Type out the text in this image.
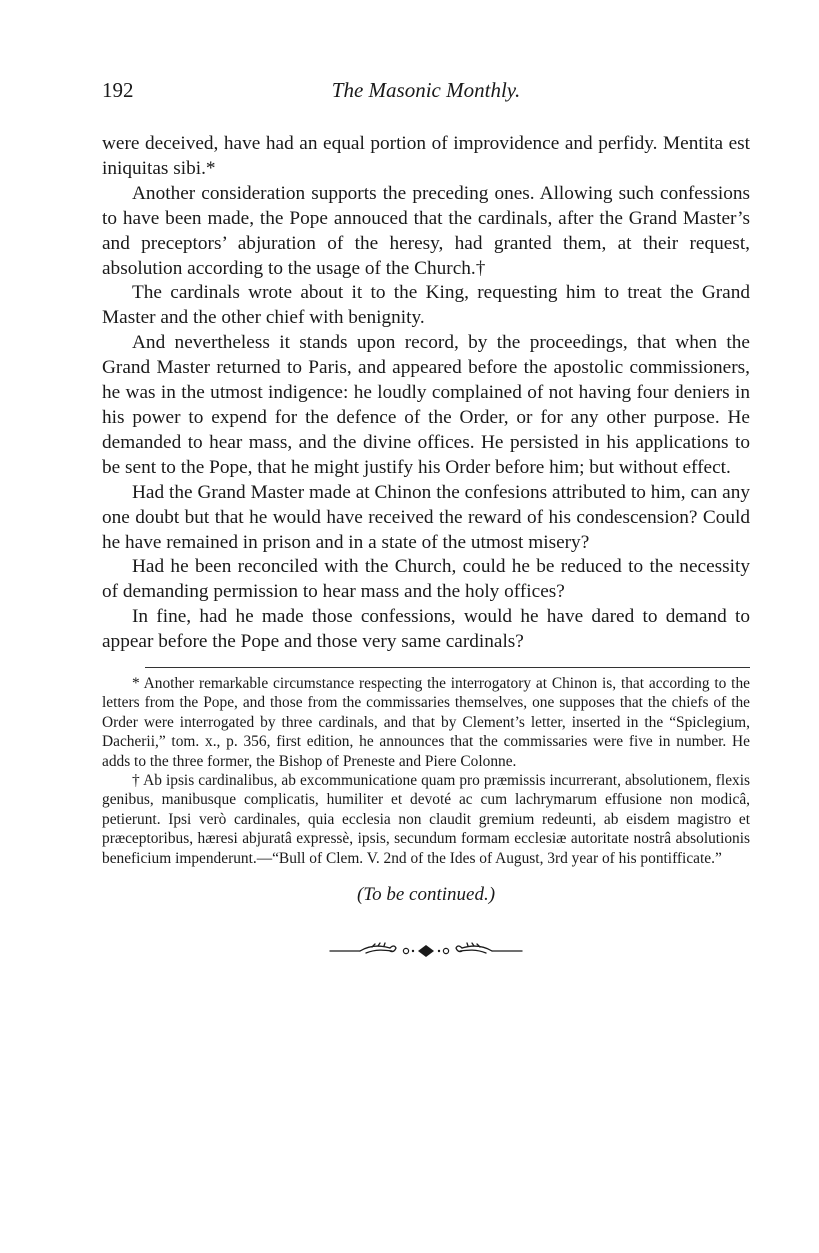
192	The Masonic Monthly.

were deceived, have had an equal portion of improvidence and perfidy. Mentita est iniquitas sibi.*

Another consideration supports the preceding ones. Allowing such confessions to have been made, the Pope annouced that the cardinals, after the Grand Master’s and preceptors’ abjuration of the heresy, had granted them, at their request, absolution according to the usage of the Church.†

The cardinals wrote about it to the King, requesting him to treat the Grand Master and the other chief with benignity.

And nevertheless it stands upon record, by the proceedings, that when the Grand Master returned to Paris, and appeared before the apostolic commissioners, he was in the utmost indigence: he loudly complained of not having four deniers in his power to expend for the defence of the Order, or for any other purpose. He demanded to hear mass, and the divine offices. He persisted in his applications to be sent to the Pope, that he might justify his Order before him; but without effect.

Had the Grand Master made at Chinon the confesions attributed to him, can any one doubt but that he would have received the reward of his condescension? Could he have remained in prison and in a state of the utmost misery?

Had he been reconciled with the Church, could he be reduced to the necessity of demanding permission to hear mass and the holy offices?

In fine, had he made those confessions, would he have dared to demand to appear before the Pope and those very same cardinals?

* Another remarkable circumstance respecting the interrogatory at Chinon is, that according to the letters from the Pope, and those from the commissaries themselves, one supposes that the chiefs of the Order were interrogated by three cardinals, and that by Clement’s letter, inserted in the “Spiclegium, Dacherii,” tom. x., p. 356, first edition, he announces that the commissaries were five in number. He adds to the three former, the Bishop of Preneste and Piere Colonne.

† Ab ipsis cardinalibus, ab excommunicatione quam pro præmissis incurrerant, absolutionem, flexis genibus, manibusque complicatis, humiliter et devoté ac cum lachrymarum effusione non modicâ, petierunt. Ipsi verò cardinales, quia ecclesia non claudit gremium redeunti, ab eisdem magistro et præceptoribus, hæresi abjuratâ expressè, ipsis, secundum formam ecclesiæ autoritate nostrâ absolutionis beneficium impenderunt.—“Bull of Clem. V. 2nd of the Ides of August, 3rd year of his pontifficate.”

(To be continued.)
